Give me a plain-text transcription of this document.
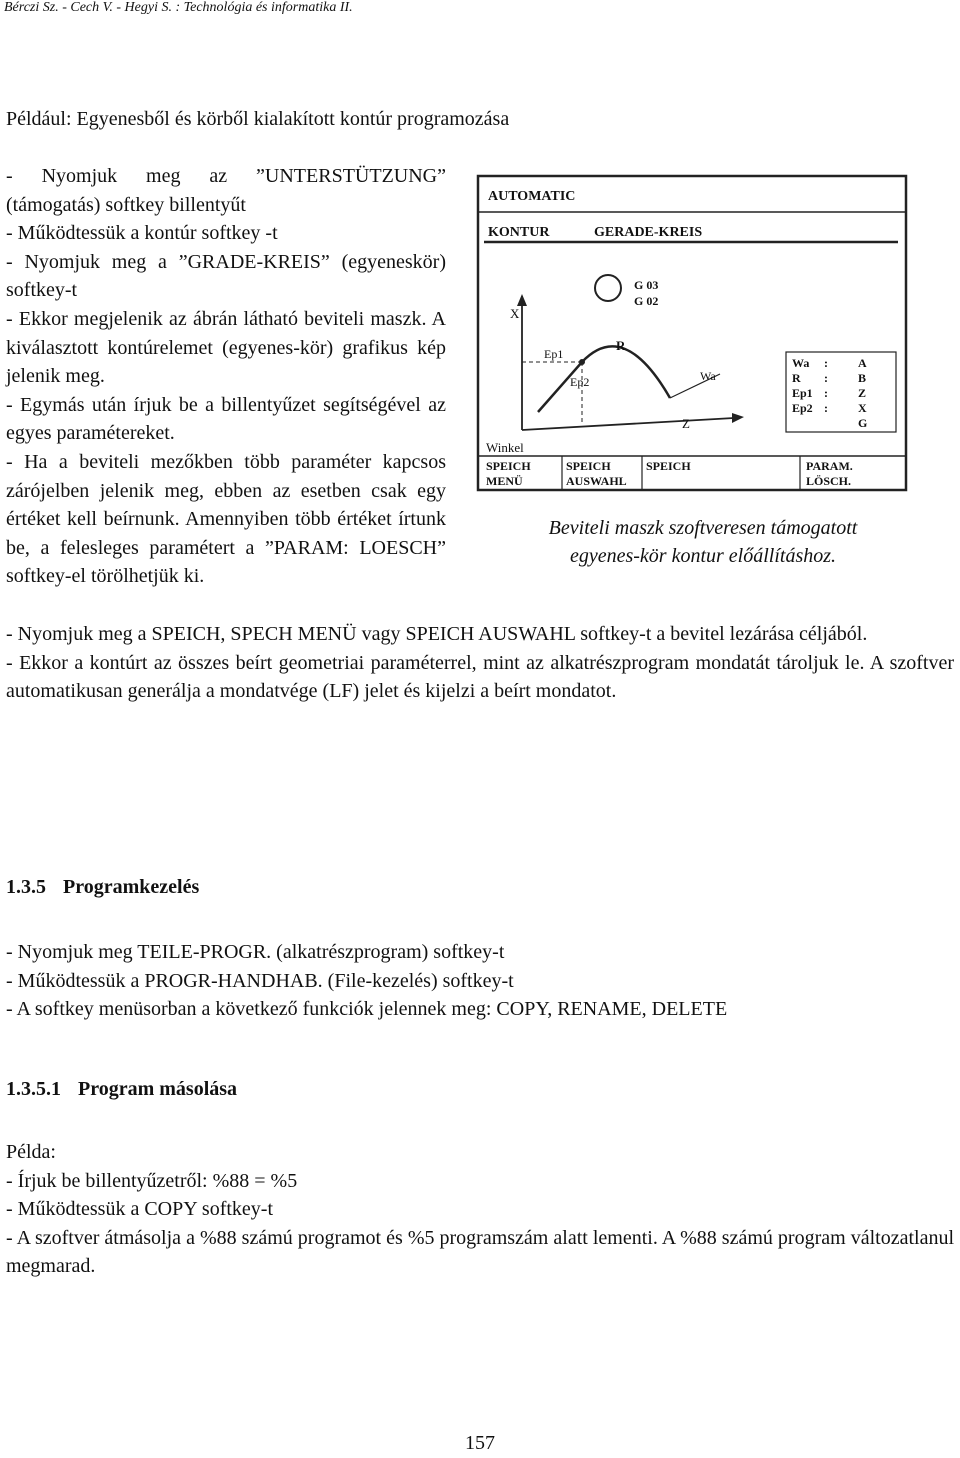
Bérczi Sz. - Cech V. - Hegyi S. : Technológia és informatika II.
Például: Egyenesből és körből kialakított kontúr programozása

- Nyomjuk meg az ”UNTERSTÜTZUNG” (támogatás) softkey billentyűt

- Működtessük a kontúr softkey -t

- Nyomjuk meg a ”GRADE-KREIS” (egyeneskör) softkey-t

- Ekkor megjelenik az ábrán látható beviteli maszk. A kiválasztott kontúrelemet (egyenes-kör) grafikus kép jelenik meg.

- Egymás után írjuk be a billentyűzet segítségével az egyes paramétereket.

- Ha a beviteli mezőkben több paraméter kapcsos zárójelben jelenik meg, ebben az esetben csak egy értéket kell beírnunk. Amennyiben több értéket írtunk be, a felesleges paramétert a ”PARAM: LOESCH” softkey-el törölhetjük ki.

AUTOMATIC
KONTUR	GERADE-KREIS
G 03
G 02
X
Z
Ep1
Ep2
R
Wa
Wa :	A
R :	B
Ep1 :	Z
Ep2 :	X
G
Winkel
SPEICH
MENÜ
SPEICH
AUSWAHL
SPEICH	PARAM.
LÖSCH.
Beviteli maszk szoftveresen támogatott
egyenes-kör kontur előállításhoz.

- Nyomjuk meg a SPEICH, SPECH MENÜ vagy SPEICH AUSWAHL softkey-t a bevitel lezárása céljából.

- Ekkor a kontúrt az összes beírt geometriai paraméterrel, mint az alkatrészprogram mondatát tároljuk le. A szoftver automatikusan generálja a mondatvége (LF) jelet és kijelzi a beírt mondatot.

1.3.5 Programkezelés

- Nyomjuk meg TEILE-PROGR. (alkatrészprogram) softkey-t

- Működtessük a PROGR-HANDHAB. (File-kezelés) softkey-t

- A softkey menüsorban a következő funkciók jelennek meg: COPY, RENAME, DELETE

1.3.5.1 Program másolása

Példa:

- Írjuk be billentyűzetről: %88 = %5

- Működtessük a COPY softkey-t

- A szoftver átmásolja a %88 számú programot és %5 programszám alatt lementi. A %88 számú program változatlanul megmarad.

157
